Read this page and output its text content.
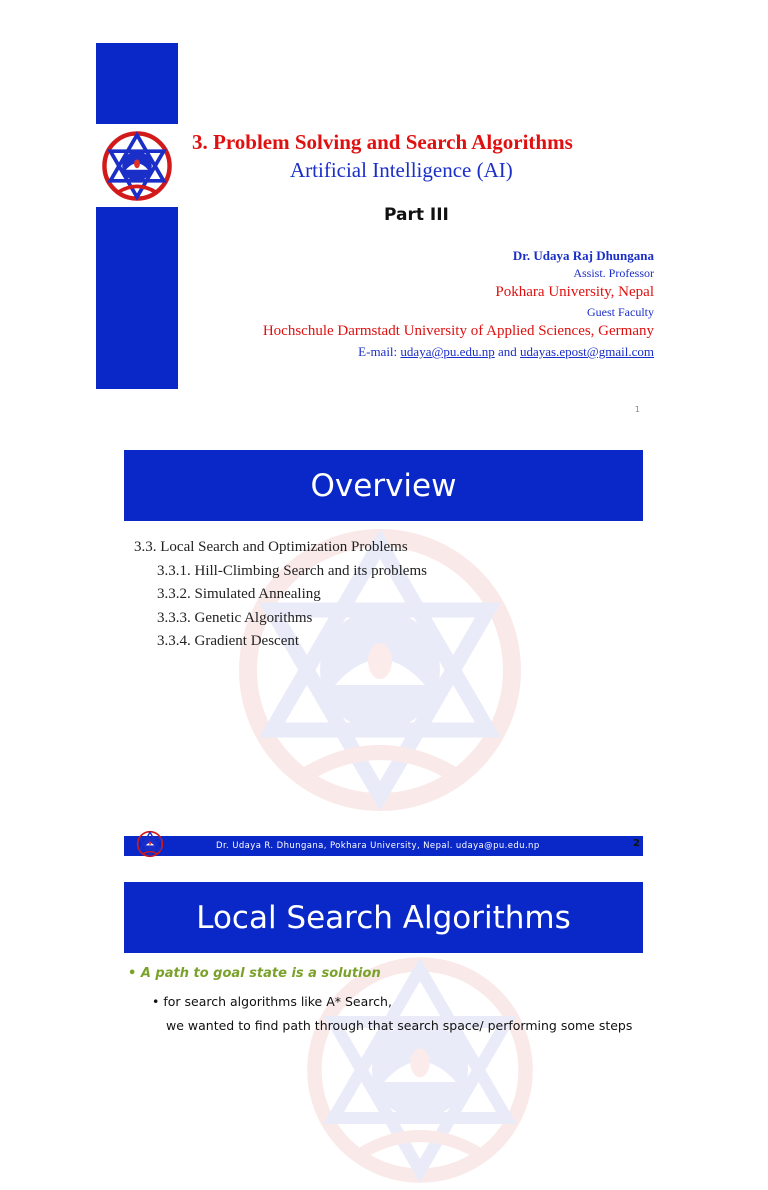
3. Problem Solving and Search Algorithms
Artificial Intelligence (AI)
Part III
Dr. Udaya Raj Dhungana
Assist. Professor
Pokhara University, Nepal
Guest Faculty
Hochschule Darmstadt University of Applied Sciences, Germany
E-mail: udaya@pu.edu.np and udayas.epost@gmail.com
1
Overview
3.3. Local Search and Optimization Problems
3.3.1. Hill-Climbing Search and its problems
3.3.2. Simulated Annealing
3.3.3. Genetic Algorithms
3.3.4. Gradient Descent
Dr. Udaya R. Dhungana, Pokhara University, Nepal. udaya@pu.edu.np	2
Local Search Algorithms
• A path to goal state is a solution
• for search algorithms like A* Search,
we wanted to find path through that search space/ performing some steps
